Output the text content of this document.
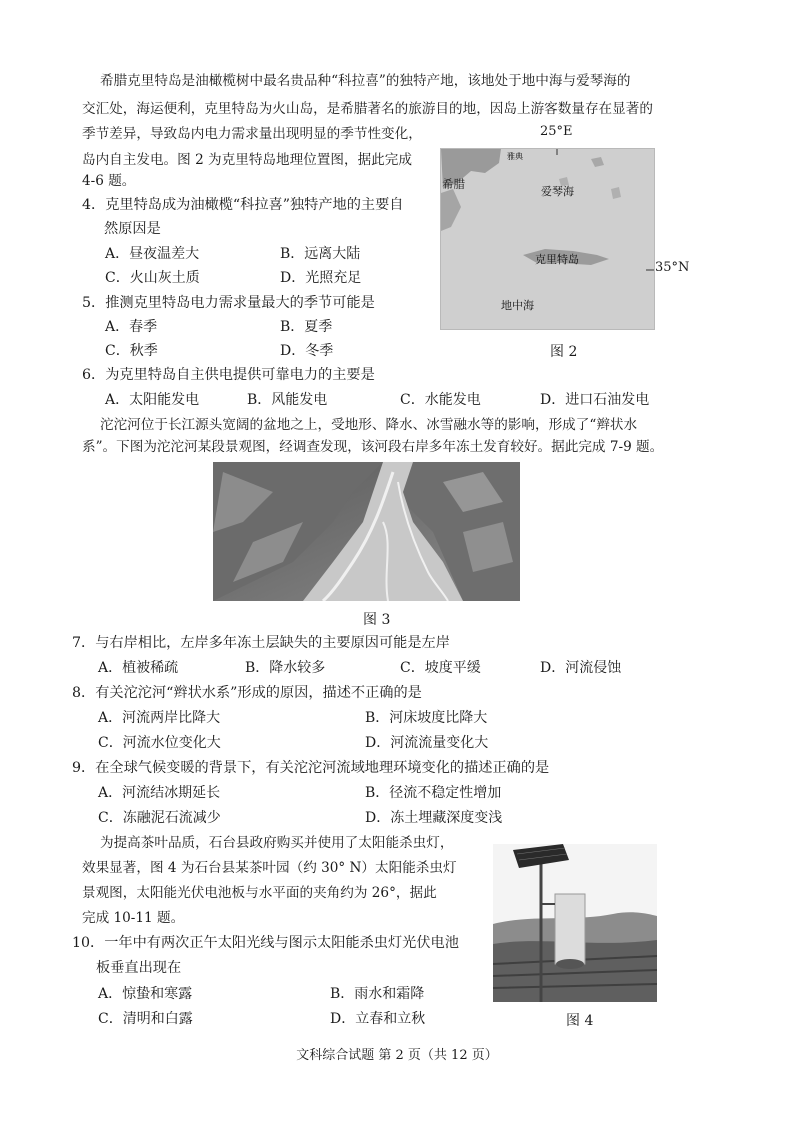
希腊克里特岛是油橄榄树中最名贵品种“科拉喜”的独特产地，该地处于地中海与爱琴海的
交汇处，海运便利，克里特岛为火山岛，是希腊著名的旅游目的地，因岛上游客数量存在显著的
季节差异，导致岛内电力需求量出现明显的季节性变化，
岛内自主发电。图 2 为克里特岛地理位置图，据此完成
4-6 题。
25°E
雅典
爱琴海
克里特岛
地中海
希腊
35°N
图 2
4．克里特岛成为油橄榄“科拉喜”独特产地的主要自
然原因是
A．昼夜温差大	B．远离大陆
C．火山灰土质	D．光照充足
5．推测克里特岛电力需求量最大的季节可能是
A．春季	B．夏季
C．秋季	D．冬季
6．为克里特岛自主供电提供可靠电力的主要是
A．太阳能发电	B．风能发电	C．水能发电	D．进口石油发电
沱沱河位于长江源头宽阔的盆地之上，受地形、降水、冰雪融水等的影响，形成了“辫状水
系”。下图为沱沱河某段景观图，经调查发现，该河段右岸多年冻土发育较好。据此完成 7-9 题。
图 3
7．与右岸相比，左岸多年冻土层缺失的主要原因可能是左岸
A．植被稀疏	B．降水较多	C．坡度平缓	D．河流侵蚀
8．有关沱沱河“辫状水系”形成的原因，描述不正确的是
A．河流两岸比降大	B．河床坡度比降大
C．河流水位变化大	D．河流流量变化大
9．在全球气候变暖的背景下，有关沱沱河流域地理环境变化的描述正确的是
A．河流结冰期延长	B．径流不稳定性增加
C．冻融泥石流减少	D．冻土埋藏深度变浅
为提高茶叶品质，石台县政府购买并使用了太阳能杀虫灯，
效果显著，图 4 为石台县某茶叶园（约 30° N）太阳能杀虫灯
景观图，太阳能光伏电池板与水平面的夹角约为 26°，据此
完成 10-11 题。
10．一年中有两次正午太阳光线与图示太阳能杀虫灯光伏电池
板垂直出现在
A．惊蛰和寒露	B．雨水和霜降
C．清明和白露	D．立春和立秋	图 4
文科综合试题 第 2 页（共 12 页）
